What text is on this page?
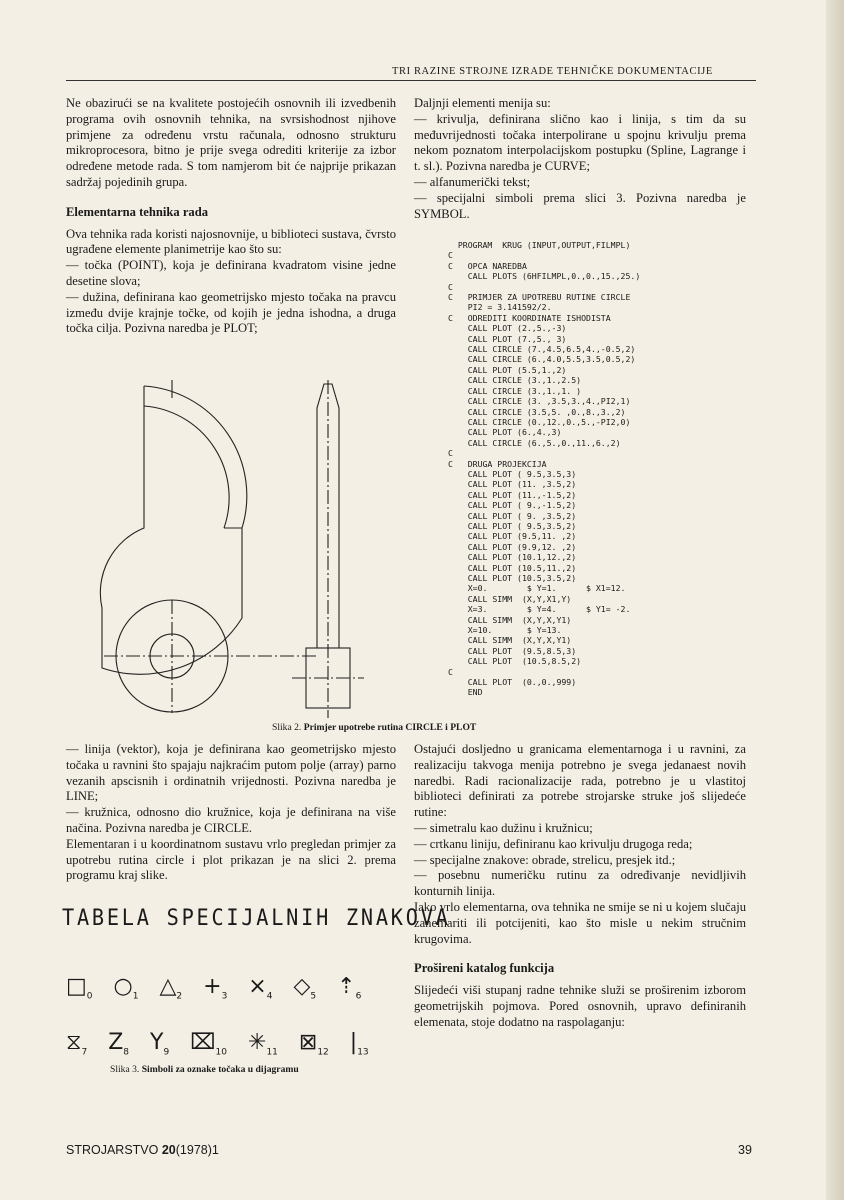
TRI RAZINE STROJNE IZRADE TEHNIČKE DOKUMENTACIJE

Ne obazirući se na kvalitete postojećih osnovnih ili izvedbenih programa ovih osnovnih tehnika, na svrsishodnost njihove primjene za određenu vrstu računala, odnosno strukturu mikroprocesora, bitno je prije svega odrediti kriterije za izbor određene metode rada. S tom namjerom bit će najprije prikazan sadržaj pojedinih grupa.

Elementarna tehnika rada

Ova tehnika rada koristi najosnovnije, u biblioteci sustava, čvrsto ugrađene elemente planimetrije kao što su:

— točka (POINT), koja je definirana kvadratom visine jedne desetine slova;

— dužina, definirana kao geometrijsko mjesto točaka na pravcu između dvije krajnje točke, od kojih je jedna ishodna, a druga točka cilja. Pozivna naredba je PLOT;

Daljnji elementi menija su:

— krivulja, definirana slično kao i linija, s tim da su međuvrijednosti točaka interpolirane u spojnu krivulju prema nekom poznatom interpolacijskom postupku (Spline, Lagrange i t. sl.). Pozivna naredba je CURVE;

— alfanumerički tekst;

— specijalni simboli prema slici 3. Pozivna naredba je SYMBOL.

PROGRAM  KRUG (INPUT,OUTPUT,FILMPL)
C
C   OPCA NAREDBA
CALL PLOTS (6HFILMPL,0.,0.,15.,25.)
C
C   PRIMJER ZA UPOTREBU RUTINE CIRCLE
PI2 = 3.141592/2.
C   ODREDITI KOORDINATE ISHODISTA
CALL PLOT (2.,5.,-3)
CALL PLOT (7.,5., 3)
CALL CIRCLE (7.,4.5,6.5,4.,-0.5,2)
CALL CIRCLE (6.,4.0,5.5,3.5,0.5,2)
CALL PLOT (5.5,1.,2)
CALL CIRCLE (3.,1.,2.5)
CALL CIRCLE (3.,1.,1. )
CALL CIRCLE (3. ,3.5,3.,4.,PI2,1)
CALL CIRCLE (3.5,5. ,0.,8.,3.,2)
CALL CIRCLE (0.,12.,0.,5.,-PI2,0)
CALL PLOT (6.,4.,3)
CALL CIRCLE (6.,5.,0.,11.,6.,2)
C
C   DRUGA PROJEKCIJA
CALL PLOT ( 9.5,3.5,3)
CALL PLOT (11. ,3.5,2)
CALL PLOT (11.,-1.5,2)
CALL PLOT ( 9.,-1.5,2)
CALL PLOT ( 9. ,3.5,2)
CALL PLOT ( 9.5,3.5,2)
CALL PLOT (9.5,11. ,2)
CALL PLOT (9.9,12. ,2)
CALL PLOT (10.1,12.,2)
CALL PLOT (10.5,11.,2)
CALL PLOT (10.5,3.5,2)
X=0.        $ Y=1.      $ X1=12.
CALL SIMM  (X,Y,X1,Y)
X=3.        $ Y=4.      $ Y1= -2.
CALL SIMM  (X,Y,X,Y1)
X=10.       $ Y=13.
CALL SIMM  (X,Y,X,Y1)
CALL PLOT  (9.5,8.5,3)
CALL PLOT  (10.5,8.5,2)
C
CALL PLOT  (0.,0.,999)
END
Slika 2. Primjer upotrebe rutina CIRCLE i PLOT

— linija (vektor), koja je definirana kao geometrijsko mjesto točaka u ravnini što spajaju najkraćim putom polje (array) parno vezanih apscisnih i ordinatnih vrijednosti. Pozivna naredba je LINE;

— kružnica, odnosno dio kružnice, koja je definirana na više načina. Pozivna naredba je CIRCLE.

Elementaran i u koordinatnom sustavu vrlo pregledan primjer za upotrebu rutina circle i plot prikazan je na slici 2. prema programu kraj slike.

TABELA SPECIJALNIH ZNAKOVA
$□_0$ $○_1$ $\triangle_2 +_3 \times_4$ $◇_5$ $⇡_6$
$⧖_7$ $Z_8$ $Y_9$ $⌧_{10}$ $✳_{11}$ $⊠_{12}$ $|_{13}$
Slika 3. Simboli za oznake točaka u dijagramu

Ostajući dosljedno u granicama elementarnoga i u ravnini, za realizaciju takvoga menija potrebno je svega jedanaest novih naredbi. Radi racionalizacije rada, potrebno je u vlastitoj biblioteci definirati za potrebe strojarske struke još slijedeće rutine:

— simetralu kao dužinu i kružnicu;

— crtkanu liniju, definiranu kao krivulju drugoga reda;

— specijalne znakove: obrade, strelicu, presjek itd.;

— posebnu numeričku rutinu za određivanje nevidljivih konturnih linija.

Iako vrlo elementarna, ova tehnika ne smije se ni u kojem slučaju zanemariti ili potcijeniti, kao što misle u nekim stručnim krugovima.

Prošireni katalog funkcija

Slijedeći viši stupanj radne tehnike služi se proširenim izborom geometrijskih pojmova. Pored osnovnih, upravo definiranih elemenata, stoje dodatno na raspolaganju:

STROJARSTVO 20(1978)1	39
